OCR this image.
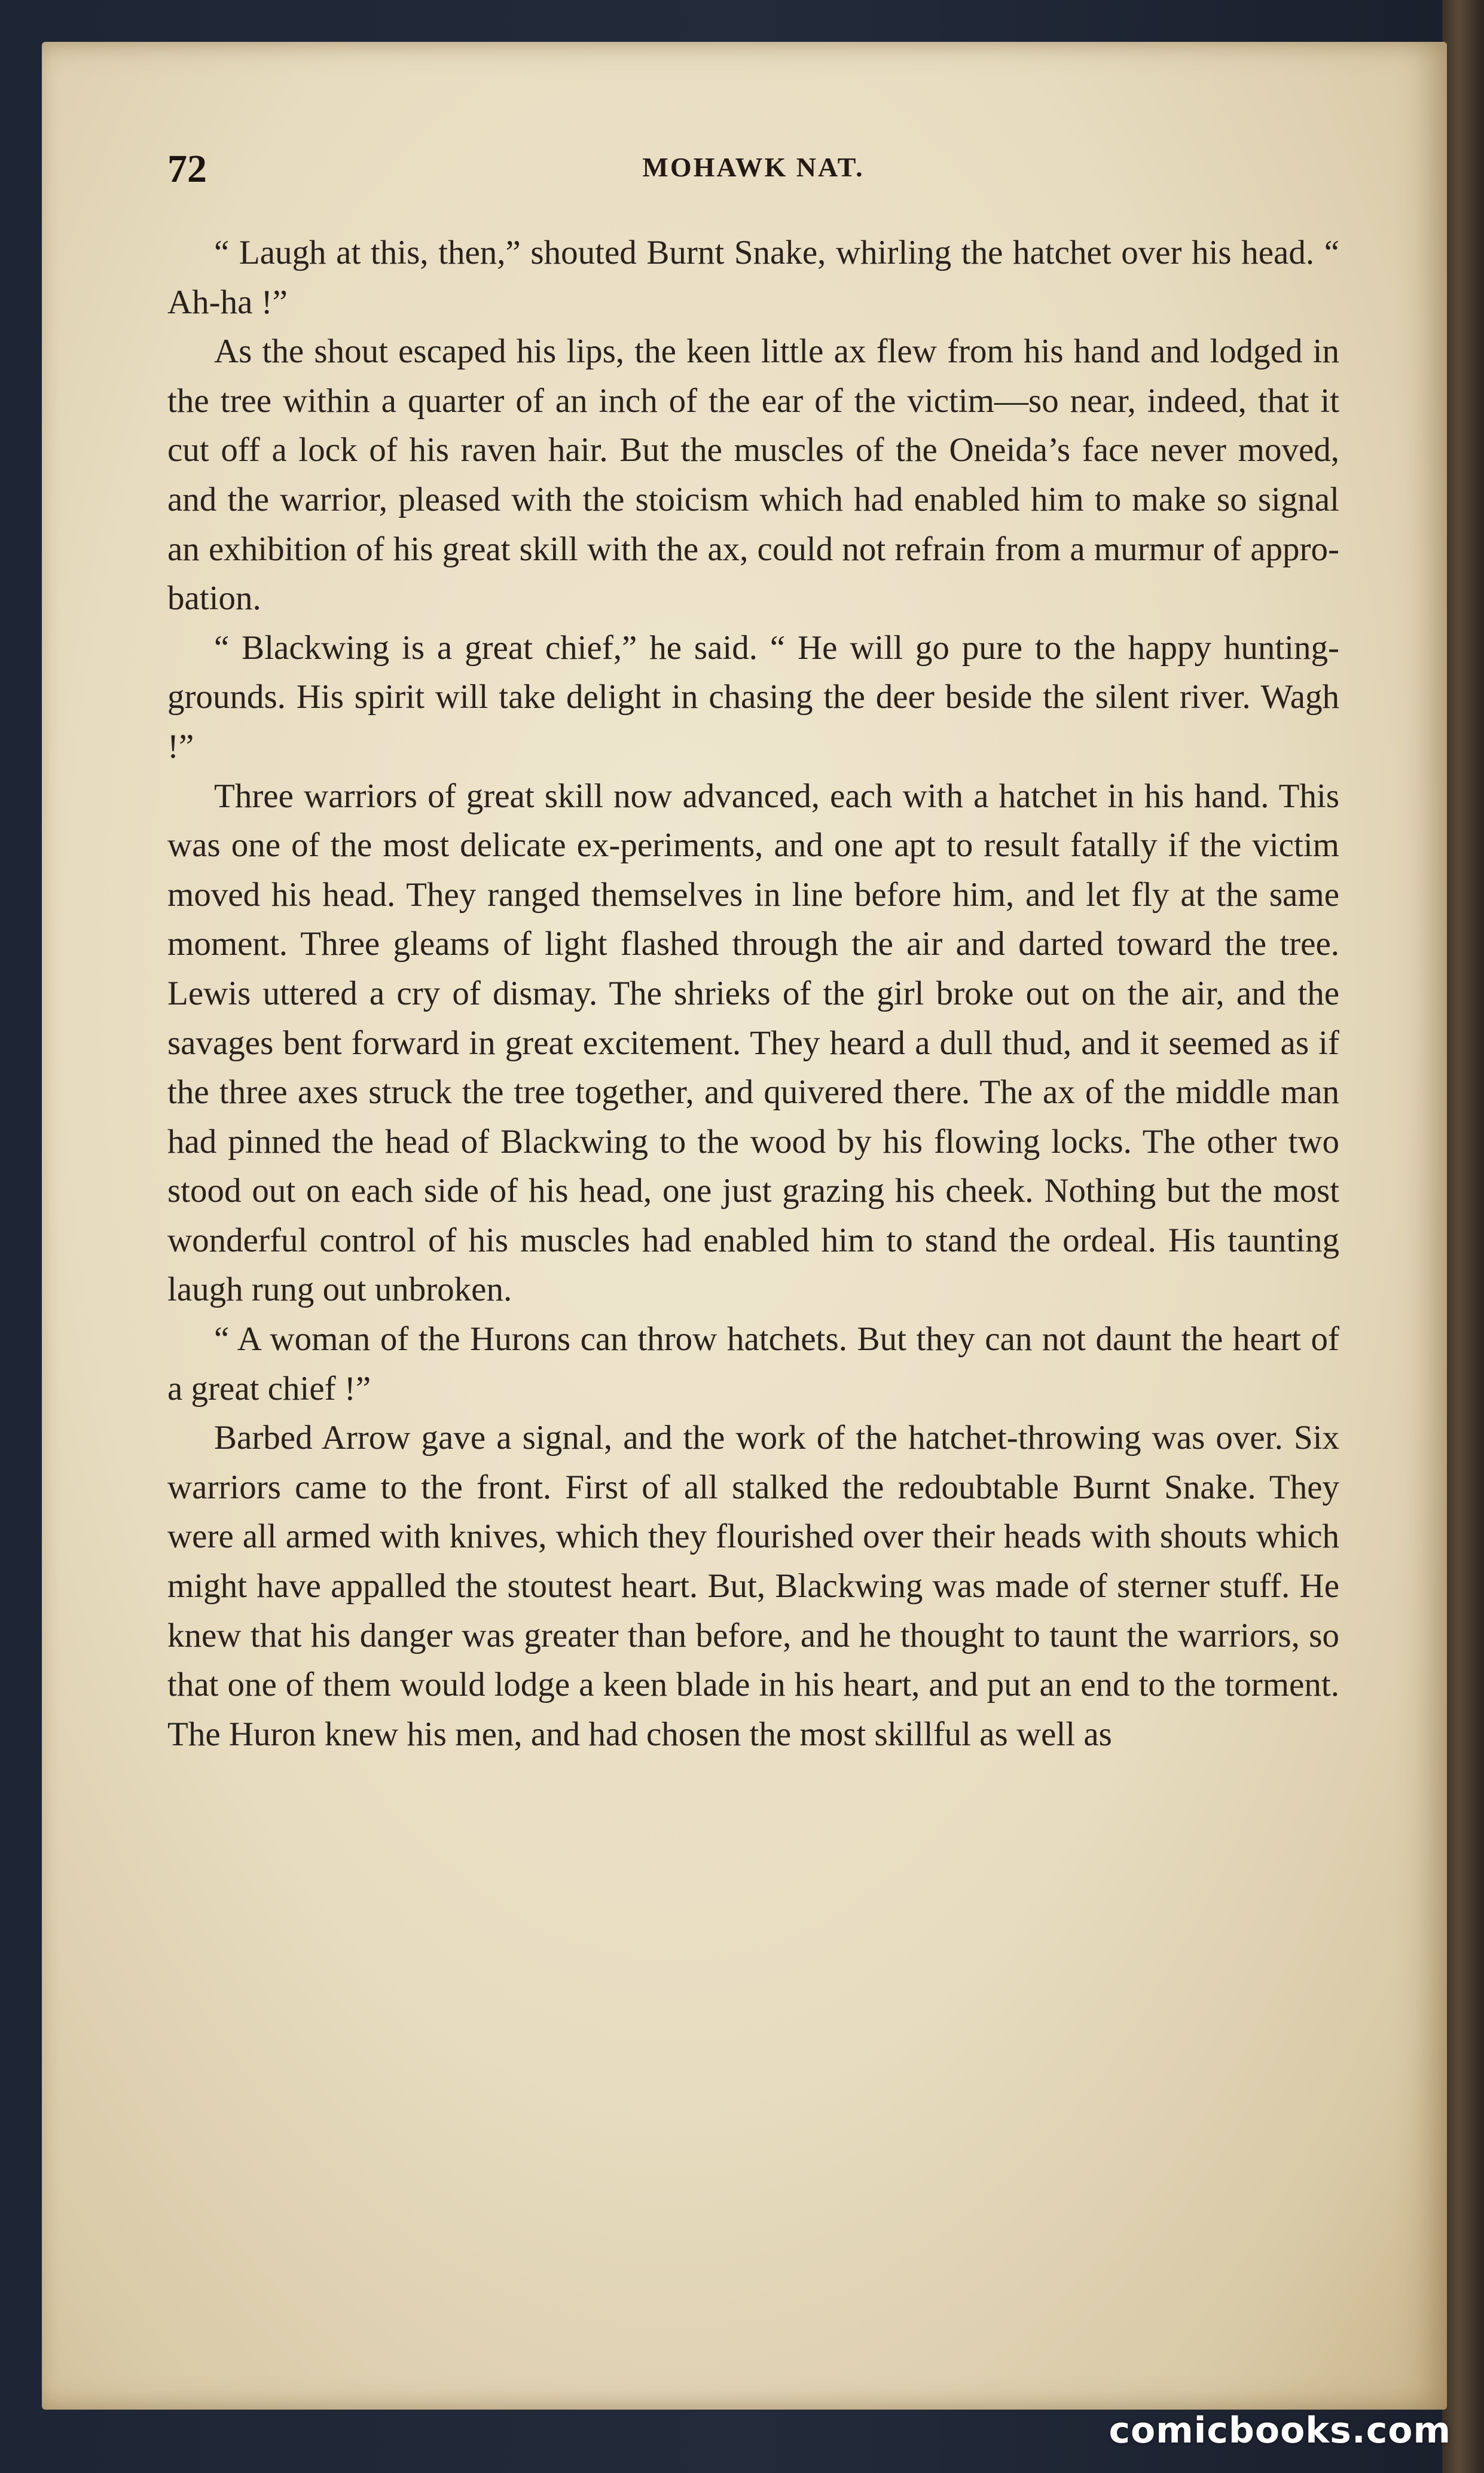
72	MOHAWK NAT.

“ Laugh at this, then,” shouted Burnt Snake, whirling the hatchet over his head. “ Ah-ha !”

As the shout escaped his lips, the keen little ax flew from his hand and lodged in the tree within a quarter of an inch of the ear of the victim—so near, indeed, that it cut off a lock of his raven hair. But the muscles of the Oneida’s face never moved, and the warrior, pleased with the stoicism which had enabled him to make so signal an exhibition of his great skill with the ax, could not refrain from a murmur of appro-bation.

“ Blackwing is a great chief,” he said. “ He will go pure to the happy hunting-grounds. His spirit will take delight in chasing the deer beside the silent river. Wagh !”

Three warriors of great skill now advanced, each with a hatchet in his hand. This was one of the most delicate ex-periments, and one apt to result fatally if the victim moved his head. They ranged themselves in line before him, and let fly at the same moment. Three gleams of light flashed through the air and darted toward the tree. Lewis uttered a cry of dismay. The shrieks of the girl broke out on the air, and the savages bent forward in great excitement. They heard a dull thud, and it seemed as if the three axes struck the tree together, and quivered there. The ax of the middle man had pinned the head of Blackwing to the wood by his flowing locks. The other two stood out on each side of his head, one just grazing his cheek. Nothing but the most wonderful control of his muscles had enabled him to stand the ordeal. His taunting laugh rung out unbroken.

“ A woman of the Hurons can throw hatchets. But they can not daunt the heart of a great chief !”

Barbed Arrow gave a signal, and the work of the hatchet-throwing was over. Six warriors came to the front. First of all stalked the redoubtable Burnt Snake. They were all armed with knives, which they flourished over their heads with shouts which might have appalled the stoutest heart. But, Blackwing was made of sterner stuff. He knew that his danger was greater than before, and he thought to taunt the warriors, so that one of them would lodge a keen blade in his heart, and put an end to the torment. The Huron knew his men, and had chosen the most skillful as well as

comicbooks.com
